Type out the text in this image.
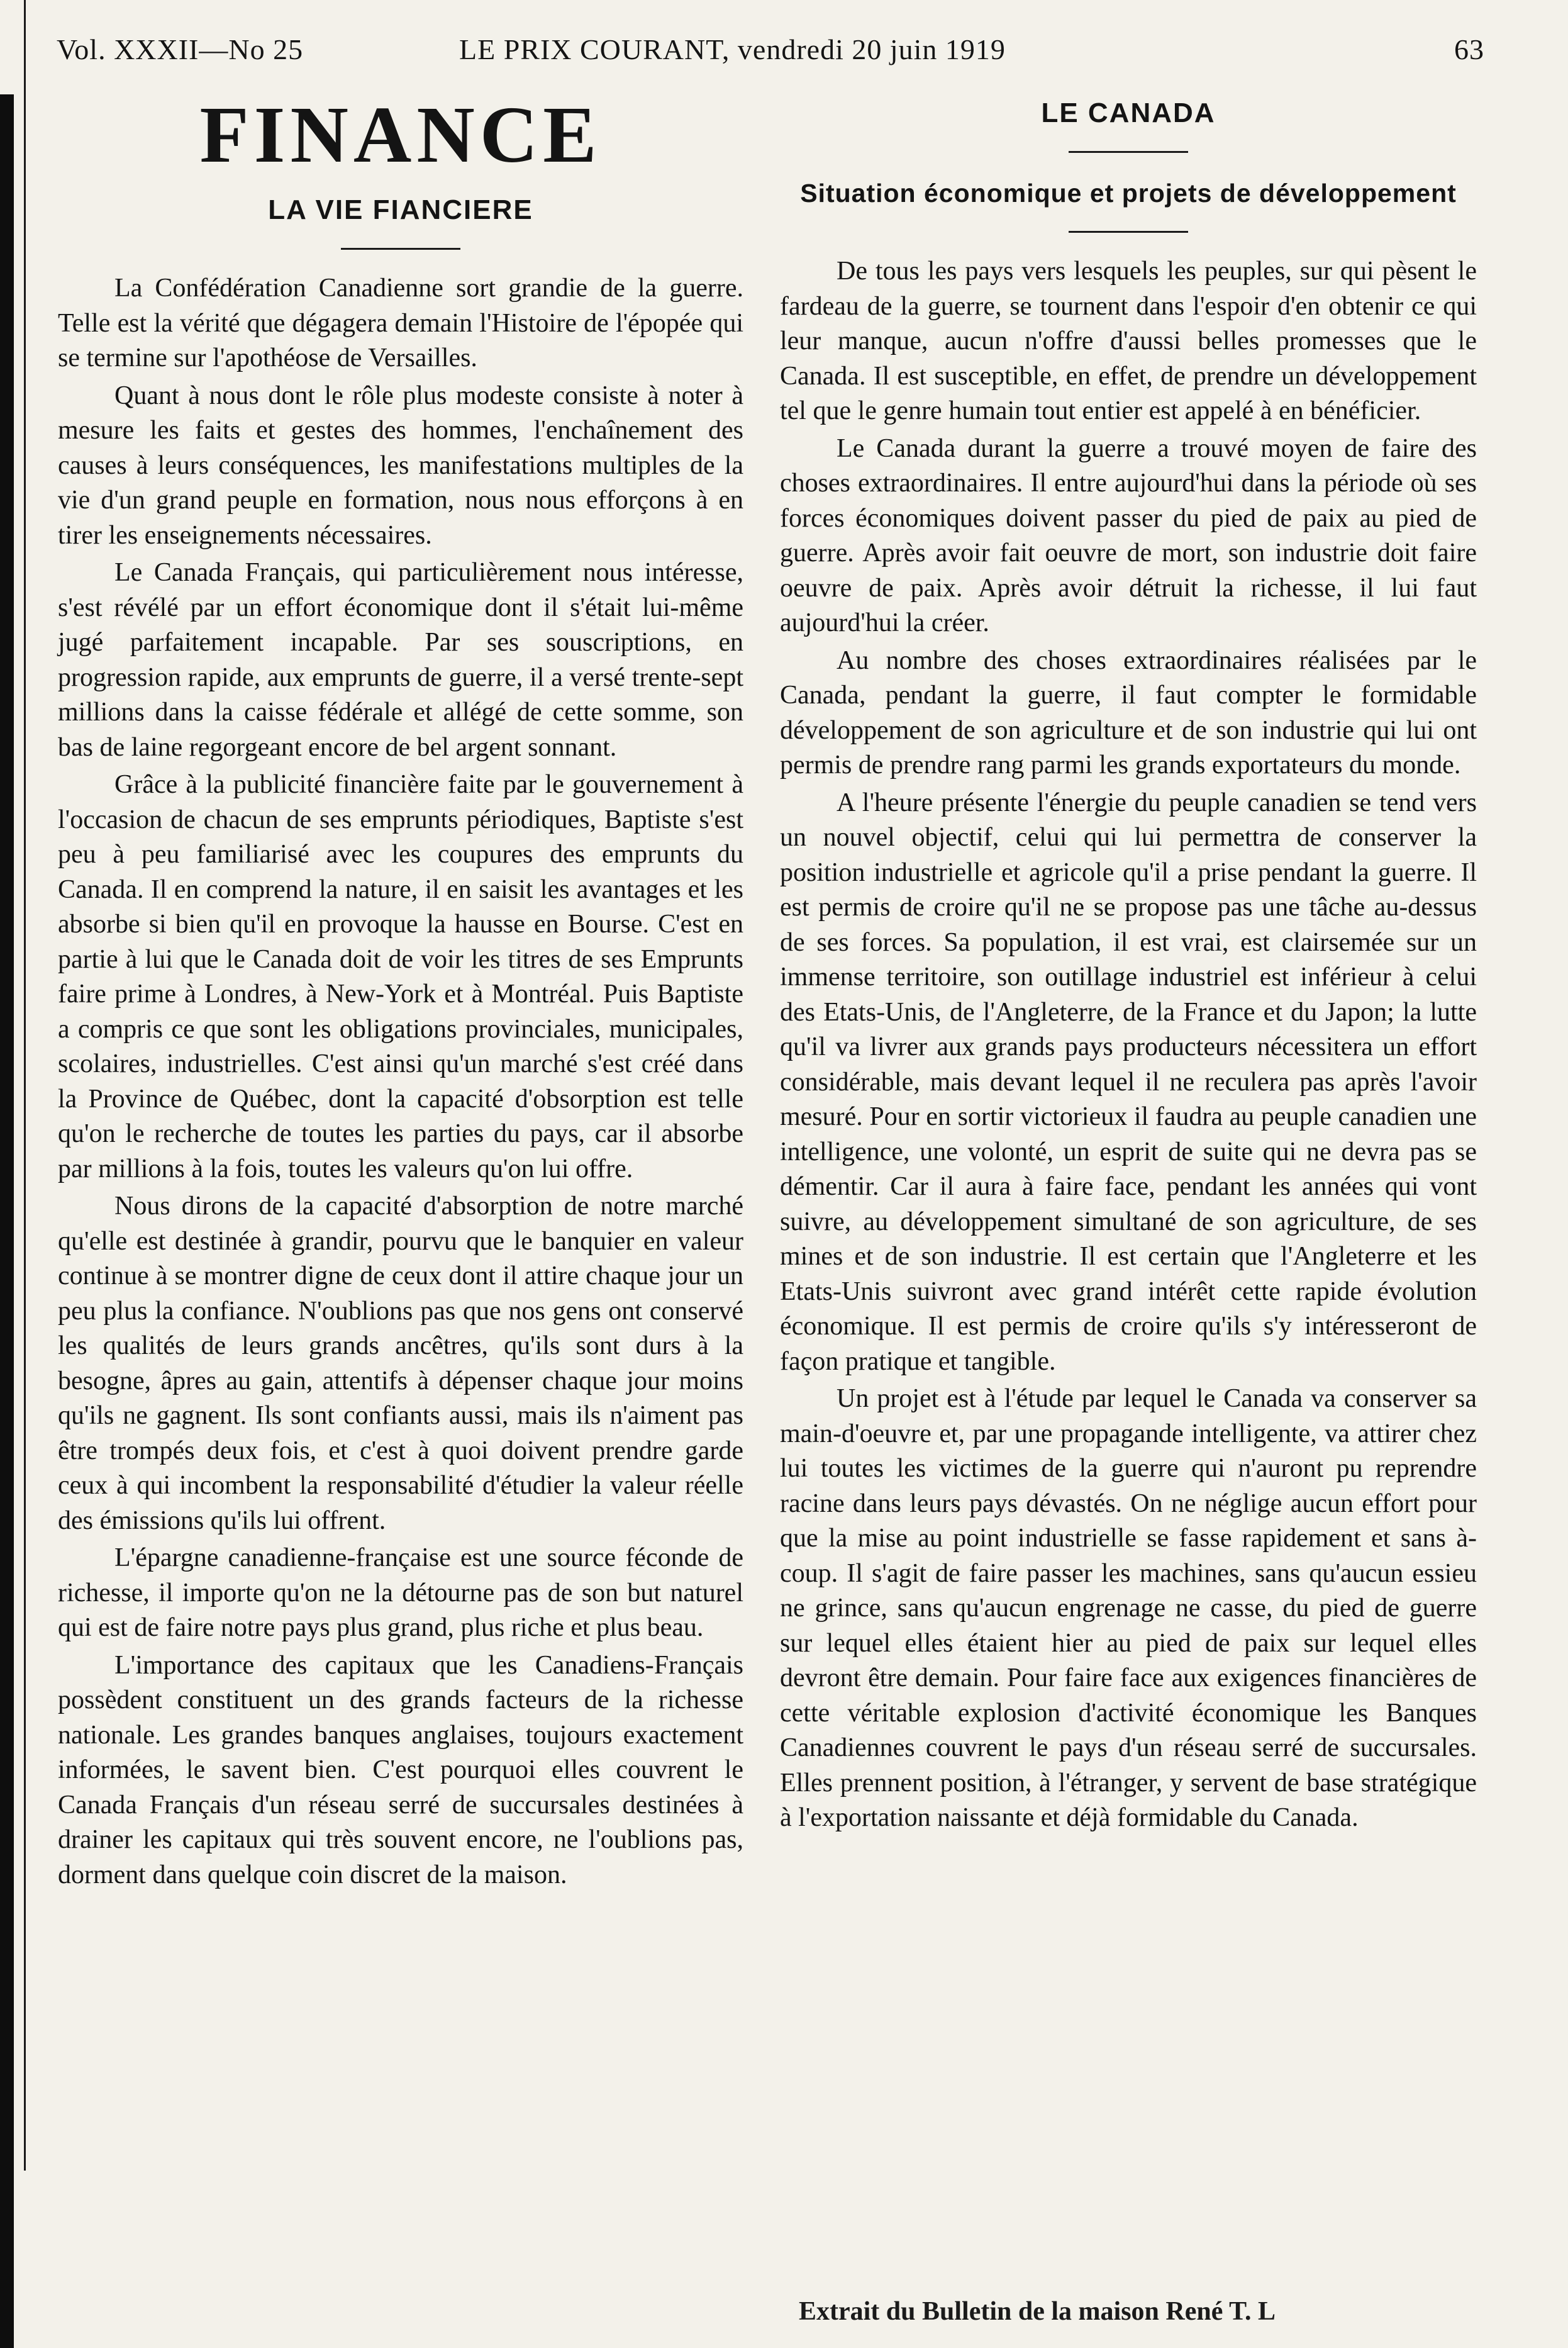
Vol. XXXII—No 25	LE PRIX COURANT, vendredi 20 juin 1919	63
FINANCE
LA VIE FIANCIERE

La Confédération Canadienne sort grandie de la guerre. Telle est la vérité que dégagera demain l'Histoire de l'épopée qui se termine sur l'apothéose de Versailles.

Quant à nous dont le rôle plus modeste consiste à noter à mesure les faits et gestes des hommes, l'enchaînement des causes à leurs conséquences, les manifestations multiples de la vie d'un grand peuple en formation, nous nous efforçons à en tirer les enseignements nécessaires.

Le Canada Français, qui particulièrement nous intéresse, s'est révélé par un effort économique dont il s'était lui-même jugé parfaitement incapable. Par ses souscriptions, en progression rapide, aux emprunts de guerre, il a versé trente-sept millions dans la caisse fédérale et allégé de cette somme, son bas de laine regorgeant encore de bel argent sonnant.

Grâce à la publicité financière faite par le gouvernement à l'occasion de chacun de ses emprunts périodiques, Baptiste s'est peu à peu familiarisé avec les coupures des emprunts du Canada. Il en comprend la nature, il en saisit les avantages et les absorbe si bien qu'il en provoque la hausse en Bourse. C'est en partie à lui que le Canada doit de voir les titres de ses Emprunts faire prime à Londres, à New-York et à Montréal. Puis Baptiste a compris ce que sont les obligations provinciales, municipales, scolaires, industrielles. C'est ainsi qu'un marché s'est créé dans la Province de Québec, dont la capacité d'obsorption est telle qu'on le recherche de toutes les parties du pays, car il absorbe par millions à la fois, toutes les valeurs qu'on lui offre.

Nous dirons de la capacité d'absorption de notre marché qu'elle est destinée à grandir, pourvu que le banquier en valeur continue à se montrer digne de ceux dont il attire chaque jour un peu plus la confiance. N'oublions pas que nos gens ont conservé les qualités de leurs grands ancêtres, qu'ils sont durs à la besogne, âpres au gain, attentifs à dépenser chaque jour moins qu'ils ne gagnent. Ils sont confiants aussi, mais ils n'aiment pas être trompés deux fois, et c'est à quoi doivent prendre garde ceux à qui incombent la responsabilité d'étudier la valeur réelle des émissions qu'ils lui offrent.

L'épargne canadienne-française est une source féconde de richesse, il importe qu'on ne la détourne pas de son but naturel qui est de faire notre pays plus grand, plus riche et plus beau.

L'importance des capitaux que les Canadiens-Français possèdent constituent un des grands facteurs de la richesse nationale. Les grandes banques anglaises, toujours exactement informées, le savent bien. C'est pourquoi elles couvrent le Canada Français d'un réseau serré de succursales destinées à drainer les capitaux qui très souvent encore, ne l'oublions pas, dorment dans quelque coin discret de la maison.

LE CANADA
Situation économique et projets de développement

De tous les pays vers lesquels les peuples, sur qui pèsent le fardeau de la guerre, se tournent dans l'espoir d'en obtenir ce qui leur manque, aucun n'offre d'aussi belles promesses que le Canada. Il est susceptible, en effet, de prendre un développement tel que le genre humain tout entier est appelé à en bénéficier.

Le Canada durant la guerre a trouvé moyen de faire des choses extraordinaires. Il entre aujourd'hui dans la période où ses forces économiques doivent passer du pied de paix au pied de guerre. Après avoir fait oeuvre de mort, son industrie doit faire oeuvre de paix. Après avoir détruit la richesse, il lui faut aujourd'hui la créer.

Au nombre des choses extraordinaires réalisées par le Canada, pendant la guerre, il faut compter le formidable développement de son agriculture et de son industrie qui lui ont permis de prendre rang parmi les grands exportateurs du monde.

A l'heure présente l'énergie du peuple canadien se tend vers un nouvel objectif, celui qui lui permettra de conserver la position industrielle et agricole qu'il a prise pendant la guerre. Il est permis de croire qu'il ne se propose pas une tâche au-dessus de ses forces. Sa population, il est vrai, est clairsemée sur un immense territoire, son outillage industriel est inférieur à celui des Etats-Unis, de l'Angleterre, de la France et du Japon; la lutte qu'il va livrer aux grands pays producteurs nécessitera un effort considérable, mais devant lequel il ne reculera pas après l'avoir mesuré. Pour en sortir victorieux il faudra au peuple canadien une intelligence, une volonté, un esprit de suite qui ne devra pas se démentir. Car il aura à faire face, pendant les années qui vont suivre, au développement simultané de son agriculture, de ses mines et de son industrie. Il est certain que l'Angleterre et les Etats-Unis suivront avec grand intérêt cette rapide évolution économique. Il est permis de croire qu'ils s'y intéresseront de façon pratique et tangible.

Un projet est à l'étude par lequel le Canada va conserver sa main-d'oeuvre et, par une propagande intelligente, va attirer chez lui toutes les victimes de la guerre qui n'auront pu reprendre racine dans leurs pays dévastés. On ne néglige aucun effort pour que la mise au point industrielle se fasse rapidement et sans à-coup. Il s'agit de faire passer les machines, sans qu'aucun essieu ne grince, sans qu'aucun engrenage ne casse, du pied de guerre sur lequel elles étaient hier au pied de paix sur lequel elles devront être demain. Pour faire face aux exigences financières de cette véritable explosion d'activité économique les Banques Canadiennes couvrent le pays d'un réseau serré de succursales. Elles prennent position, à l'étranger, y servent de base stratégique à l'exportation naissante et déjà formidable du Canada.

Extrait du Bulletin de la maison René T. L
